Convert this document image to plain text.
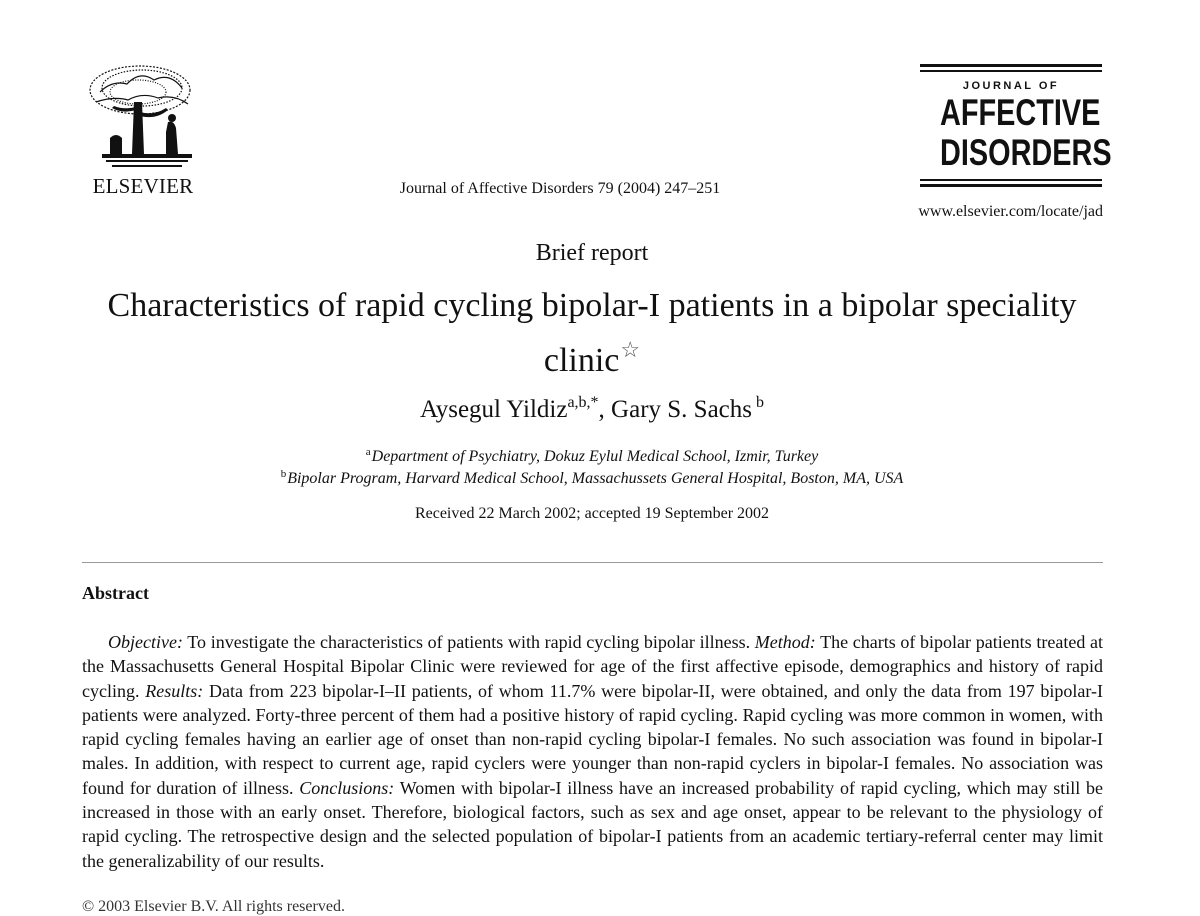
ELSEVIER	Journal of Affective Disorders 79 (2004) 247–251
JOURNAL OF
AFFECTIVE
DISORDERS
www.elsevier.com/locate/jad
Brief report
Characteristics of rapid cycling bipolar-I patients in a bipolar speciality clinic☆
Aysegul Yildiz$^{a,b,*}$, Gary S. Sachs $^b$
$^a$Department of Psychiatry, Dokuz Eylul Medical School, Izmir, Turkey
$^b$Bipolar Program, Harvard Medical School, Massachussets General Hospital, Boston, MA, USA
Received 22 March 2002; accepted 19 September 2002
Abstract
Objective: To investigate the characteristics of patients with rapid cycling bipolar illness. Method: The charts of bipolar patients treated at the Massachusetts General Hospital Bipolar Clinic were reviewed for age of the first affective episode, demographics and history of rapid cycling. Results: Data from 223 bipolar-I–II patients, of whom 11.7% were bipolar-II, were obtained, and only the data from 197 bipolar-I patients were analyzed. Forty-three percent of them had a positive history of rapid cycling. Rapid cycling was more common in women, with rapid cycling females having an earlier age of onset than non-rapid cycling bipolar-I females. No such association was found in bipolar-I males. In addition, with respect to current age, rapid cyclers were younger than non-rapid cyclers in bipolar-I females. No association was found for duration of illness. Conclusions: Women with bipolar-I illness have an increased probability of rapid cycling, which may still be increased in those with an early onset. Therefore, biological factors, such as sex and age onset, appear to be relevant to the physiology of rapid cycling. The retrospective design and the selected population of bipolar-I patients from an academic tertiary-referral center may limit the generalizability of our results.
© 2003 Elsevier B.V. All rights reserved.
